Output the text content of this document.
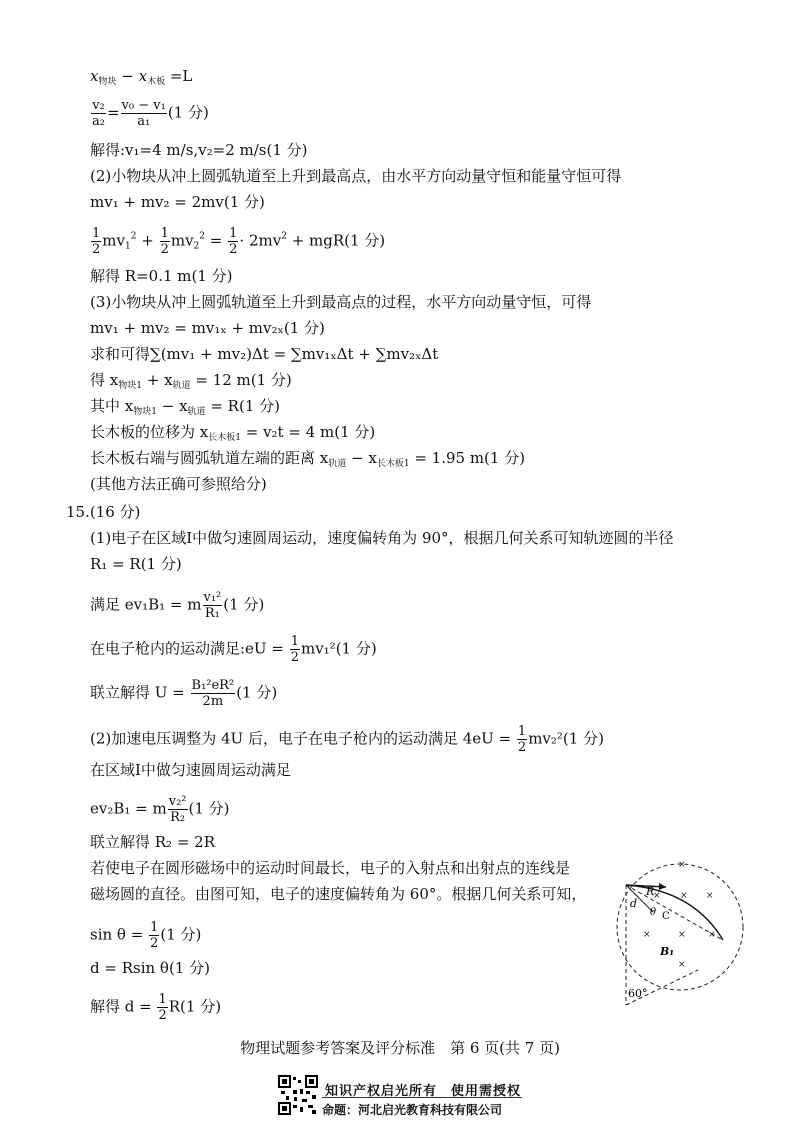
$x_{物块} - x_{木板} =L$
$\frac{\text{v₂}}{\text{a₂}} = \frac{\text{v₀ − v₁}}{\text{a₁}} (1$ 分)
解得:v₁=4 m/s,v₂=2 m/s(1 分)
(2)小物块从冲上圆弧轨道至上升到最高点，由水平方向动量守恒和能量守恒可得
mv₁ + mv₂ = 2mv(1 分)
$\frac{1}{2} mv_1^2 + \frac{1}{2} mv_2^2 = \frac{1}{2} \cdot 2mv^2 + mgR(1$ 分)
解得 R=0.1 m(1 分)
(3)小物块从冲上圆弧轨道至上升到最高点的过程，水平方向动量守恒，可得
mv₁ + mv₂ = mv₁ₓ + mv₂ₓ(1 分)
求和可得∑(mv₁ + mv₂)Δt = ∑mv₁ₓΔt + ∑mv₂ₓΔt
得 $x_{物块1} + x_{轨道} = 12$ m(1 分)
其中 $x_{物块1} - x_{轨道} = R(1$ 分)
长木板的位移为 $x_{长木板1} = v_2t = 4$ m(1 分)
长木板右端与圆弧轨道左端的距离 $x_{轨道} - x_{长木板1} = 1.95$ m(1 分)
(其他方法正确可参照给分)
15.(16 分)
(1)电子在区域Ⅰ中做匀速圆周运动，速度偏转角为 90°，根据几何关系可知轨迹圆的半径
R₁ = R(1 分)
满足 ev₁B₁ = m $\frac{\text{v₁²}}{\text{R₁}} (1$ 分)
在电子枪内的运动满足:eU = $\frac{1}{2} mv_1^2(1$ 分)
联立解得 $U = \frac{\text{B₁²eR²}}{2m} (1$ 分)
(2)加速电压调整为 4U 后，电子在电子枪内的运动满足 $4eU = \frac{1}{2} mv_2^2(1$ 分)
在区域Ⅰ中做匀速圆周运动满足
ev₂B₁ = m $\frac{\text{v₂²}}{\text{R₂}} (1$ 分)
联立解得 R₂ = 2R
若使电子在圆形磁场中的运动时间最长，电子的入射点和出射点的连线是
磁场圆的直径。由图可知，电子的速度偏转角为 60°。根据几何关系可知，
$\sin \theta = \frac{1}{2} (1$ 分)
d = Rsin θ(1 分)
解得 $d = \frac{1}{2} R(1$ 分)
d
R
θ C
B₁
60°
×
× × ×
×	× ×
×
物理试题参考答案及评分标准　第 6 页(共 7 页)
知识产权启光所有　使用需授权
命题：河北启光教育科技有限公司
